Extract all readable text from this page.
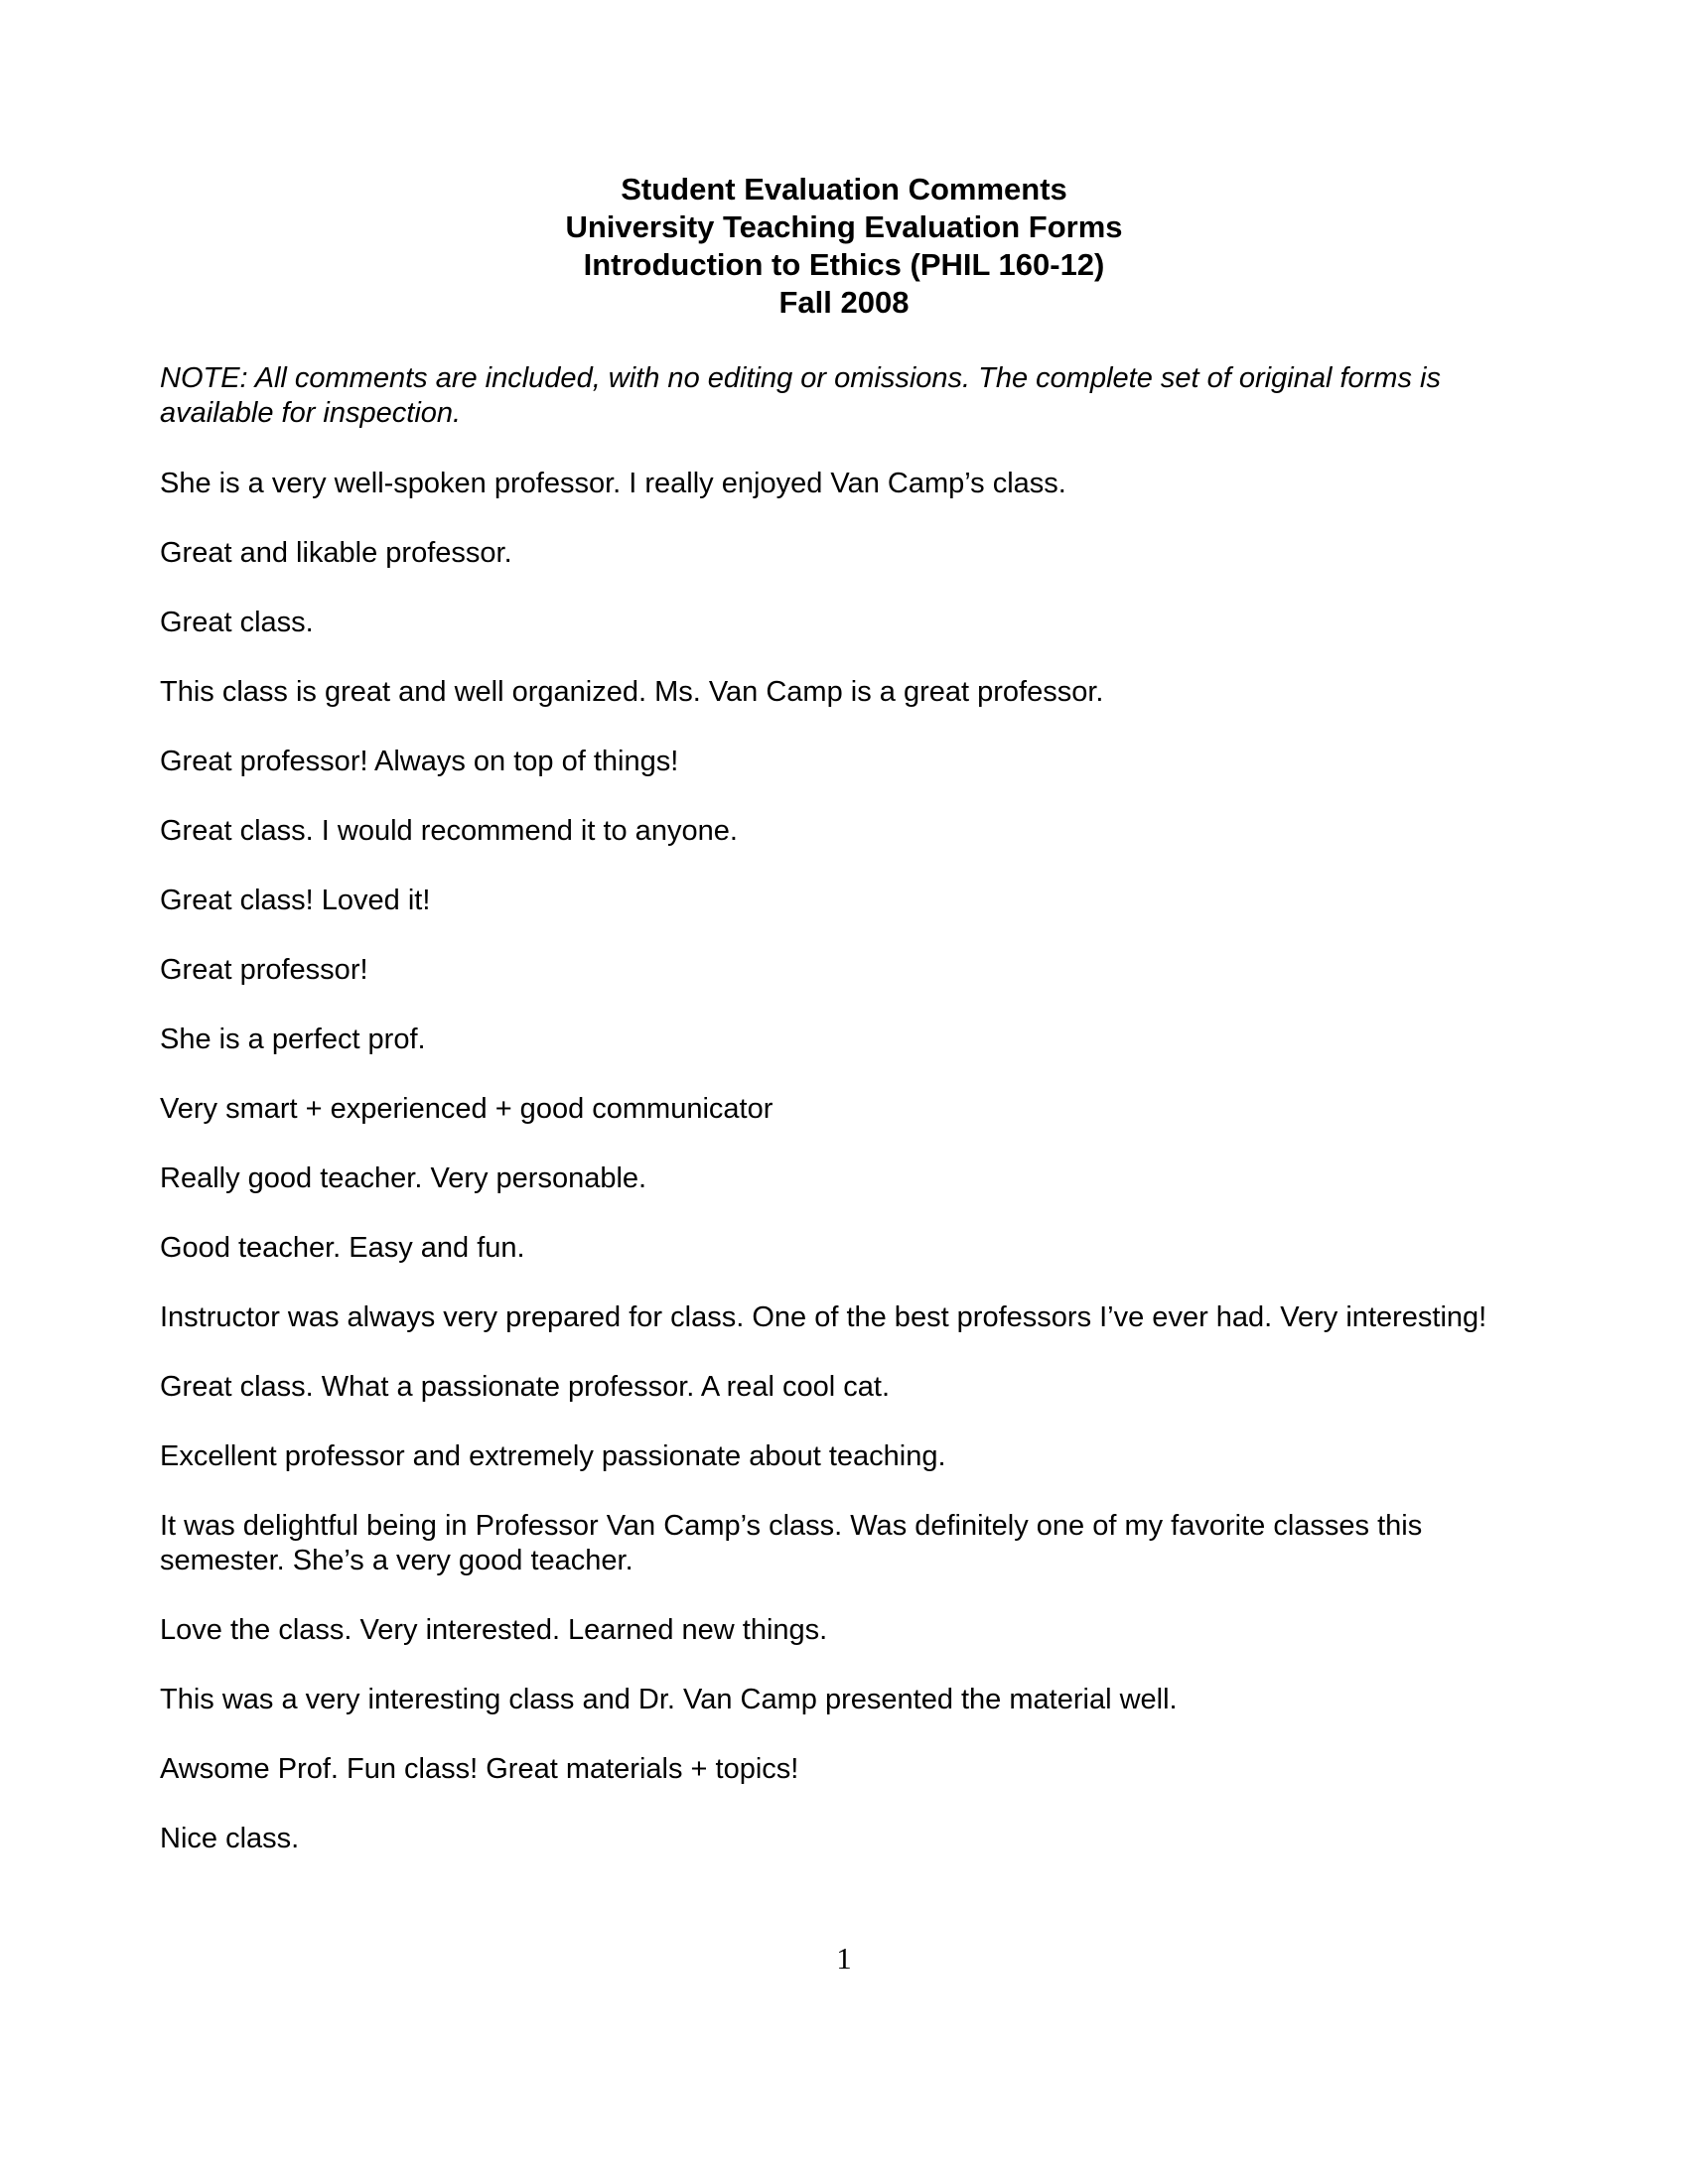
Student Evaluation Comments
University Teaching Evaluation Forms
Introduction to Ethics (PHIL 160-12)
Fall 2008
NOTE: All comments are included, with no editing or omissions. The complete set of original forms is available for inspection.

She is a very well-spoken professor. I really enjoyed Van Camp’s class.

Great and likable professor.

Great class.

This class is great and well organized. Ms. Van Camp is a great professor.

Great professor! Always on top of things!

Great class. I would recommend it to anyone.

Great class! Loved it!

Great professor!

She is a perfect prof.

Very smart + experienced + good communicator

Really good teacher. Very personable.

Good teacher. Easy and fun.

Instructor was always very prepared for class. One of the best professors I’ve ever had. Very interesting!

Great class. What a passionate professor. A real cool cat.

Excellent professor and extremely passionate about teaching.

It was delightful being in Professor Van Camp’s class. Was definitely one of my favorite classes this semester. She’s a very good teacher.

Love the class. Very interested. Learned new things.

This was a very interesting class and Dr. Van Camp presented the material well.

Awsome Prof. Fun class! Great materials + topics!

Nice class.

1
